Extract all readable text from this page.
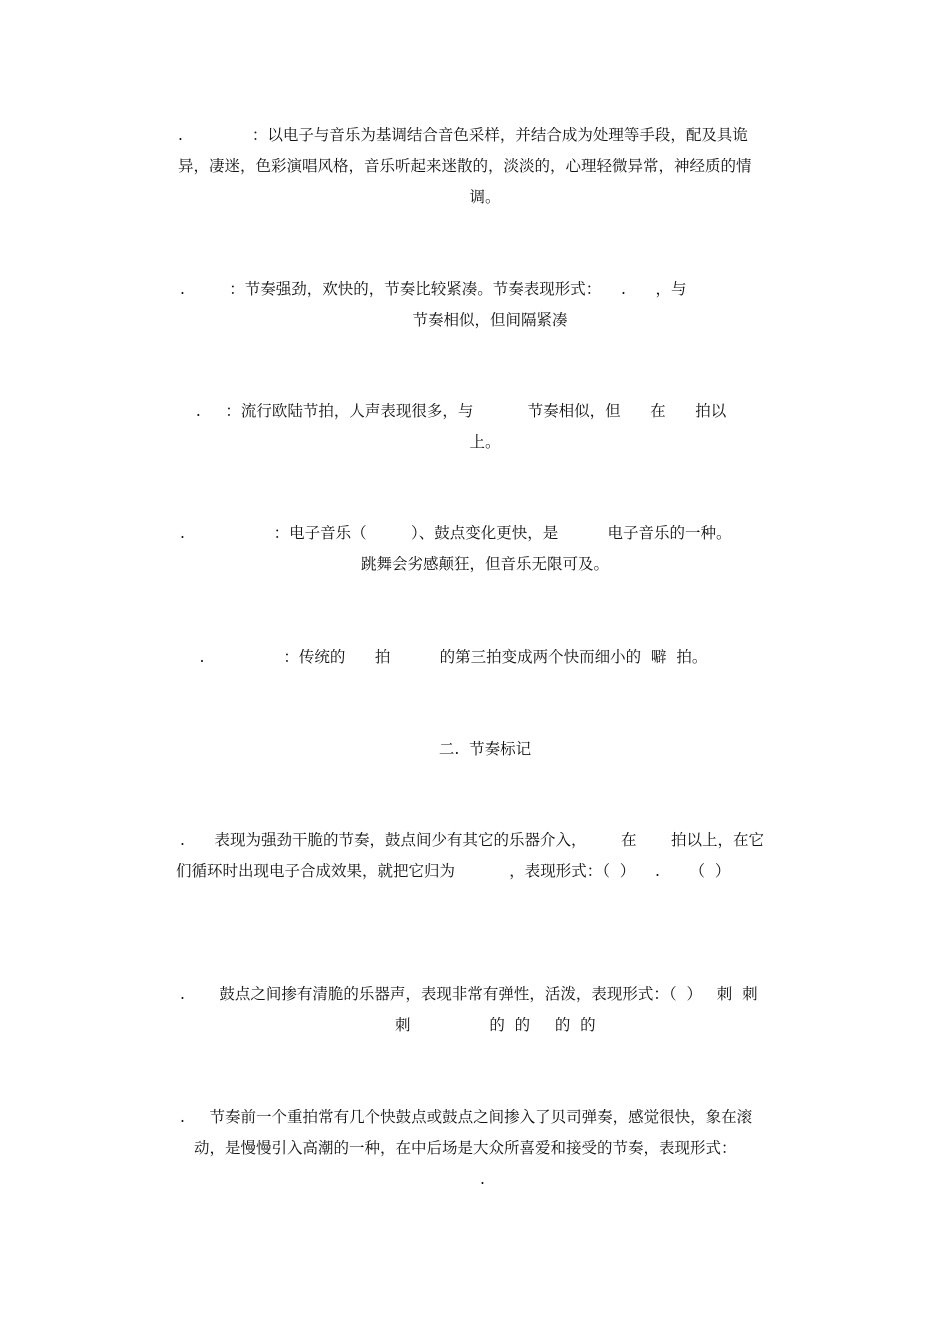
.              ：以电子与音乐为基调结合音色采样，并结合成为处理等手段，配及具诡
异，凄迷，色彩演唱风格，音乐听起来迷散的，淡淡的，心理轻微异常，神经质的情
调。
.         ：节奏强劲，欢快的，节奏比较紧凑。节奏表现形式：    .      ，与
节奏相似，但间隔紧凑
.     ：流行欧陆节拍，人声表现很多，与           节奏相似，但      在      拍以
上。
.                  ：电子音乐（         ）、鼓点变化更快，是          电子音乐的一种。
跳舞会劣感颠狂，但音乐无限可及。
.                ：传统的      拍          的第三拍变成两个快而细小的  噼  拍。
二.  节奏标记
.      表现为强劲干脆的节奏，鼓点间少有其它的乐器介入，       在       拍以上，在它
们循环时出现电子合成效果，就把它归为           ，表现形式：（  ）    .      （  ）
.       鼓点之间掺有清脆的乐器声，表现非常有弹性，活泼，表现形式：（  ）   刺  刺
刺                的  的     的  的
.     节奏前一个重拍常有几个快鼓点或鼓点之间掺入了贝司弹奏，感觉很快，象在滚
动，是慢慢引入高潮的一种，在中后场是大众所喜爱和接受的节奏，表现形式：
.
